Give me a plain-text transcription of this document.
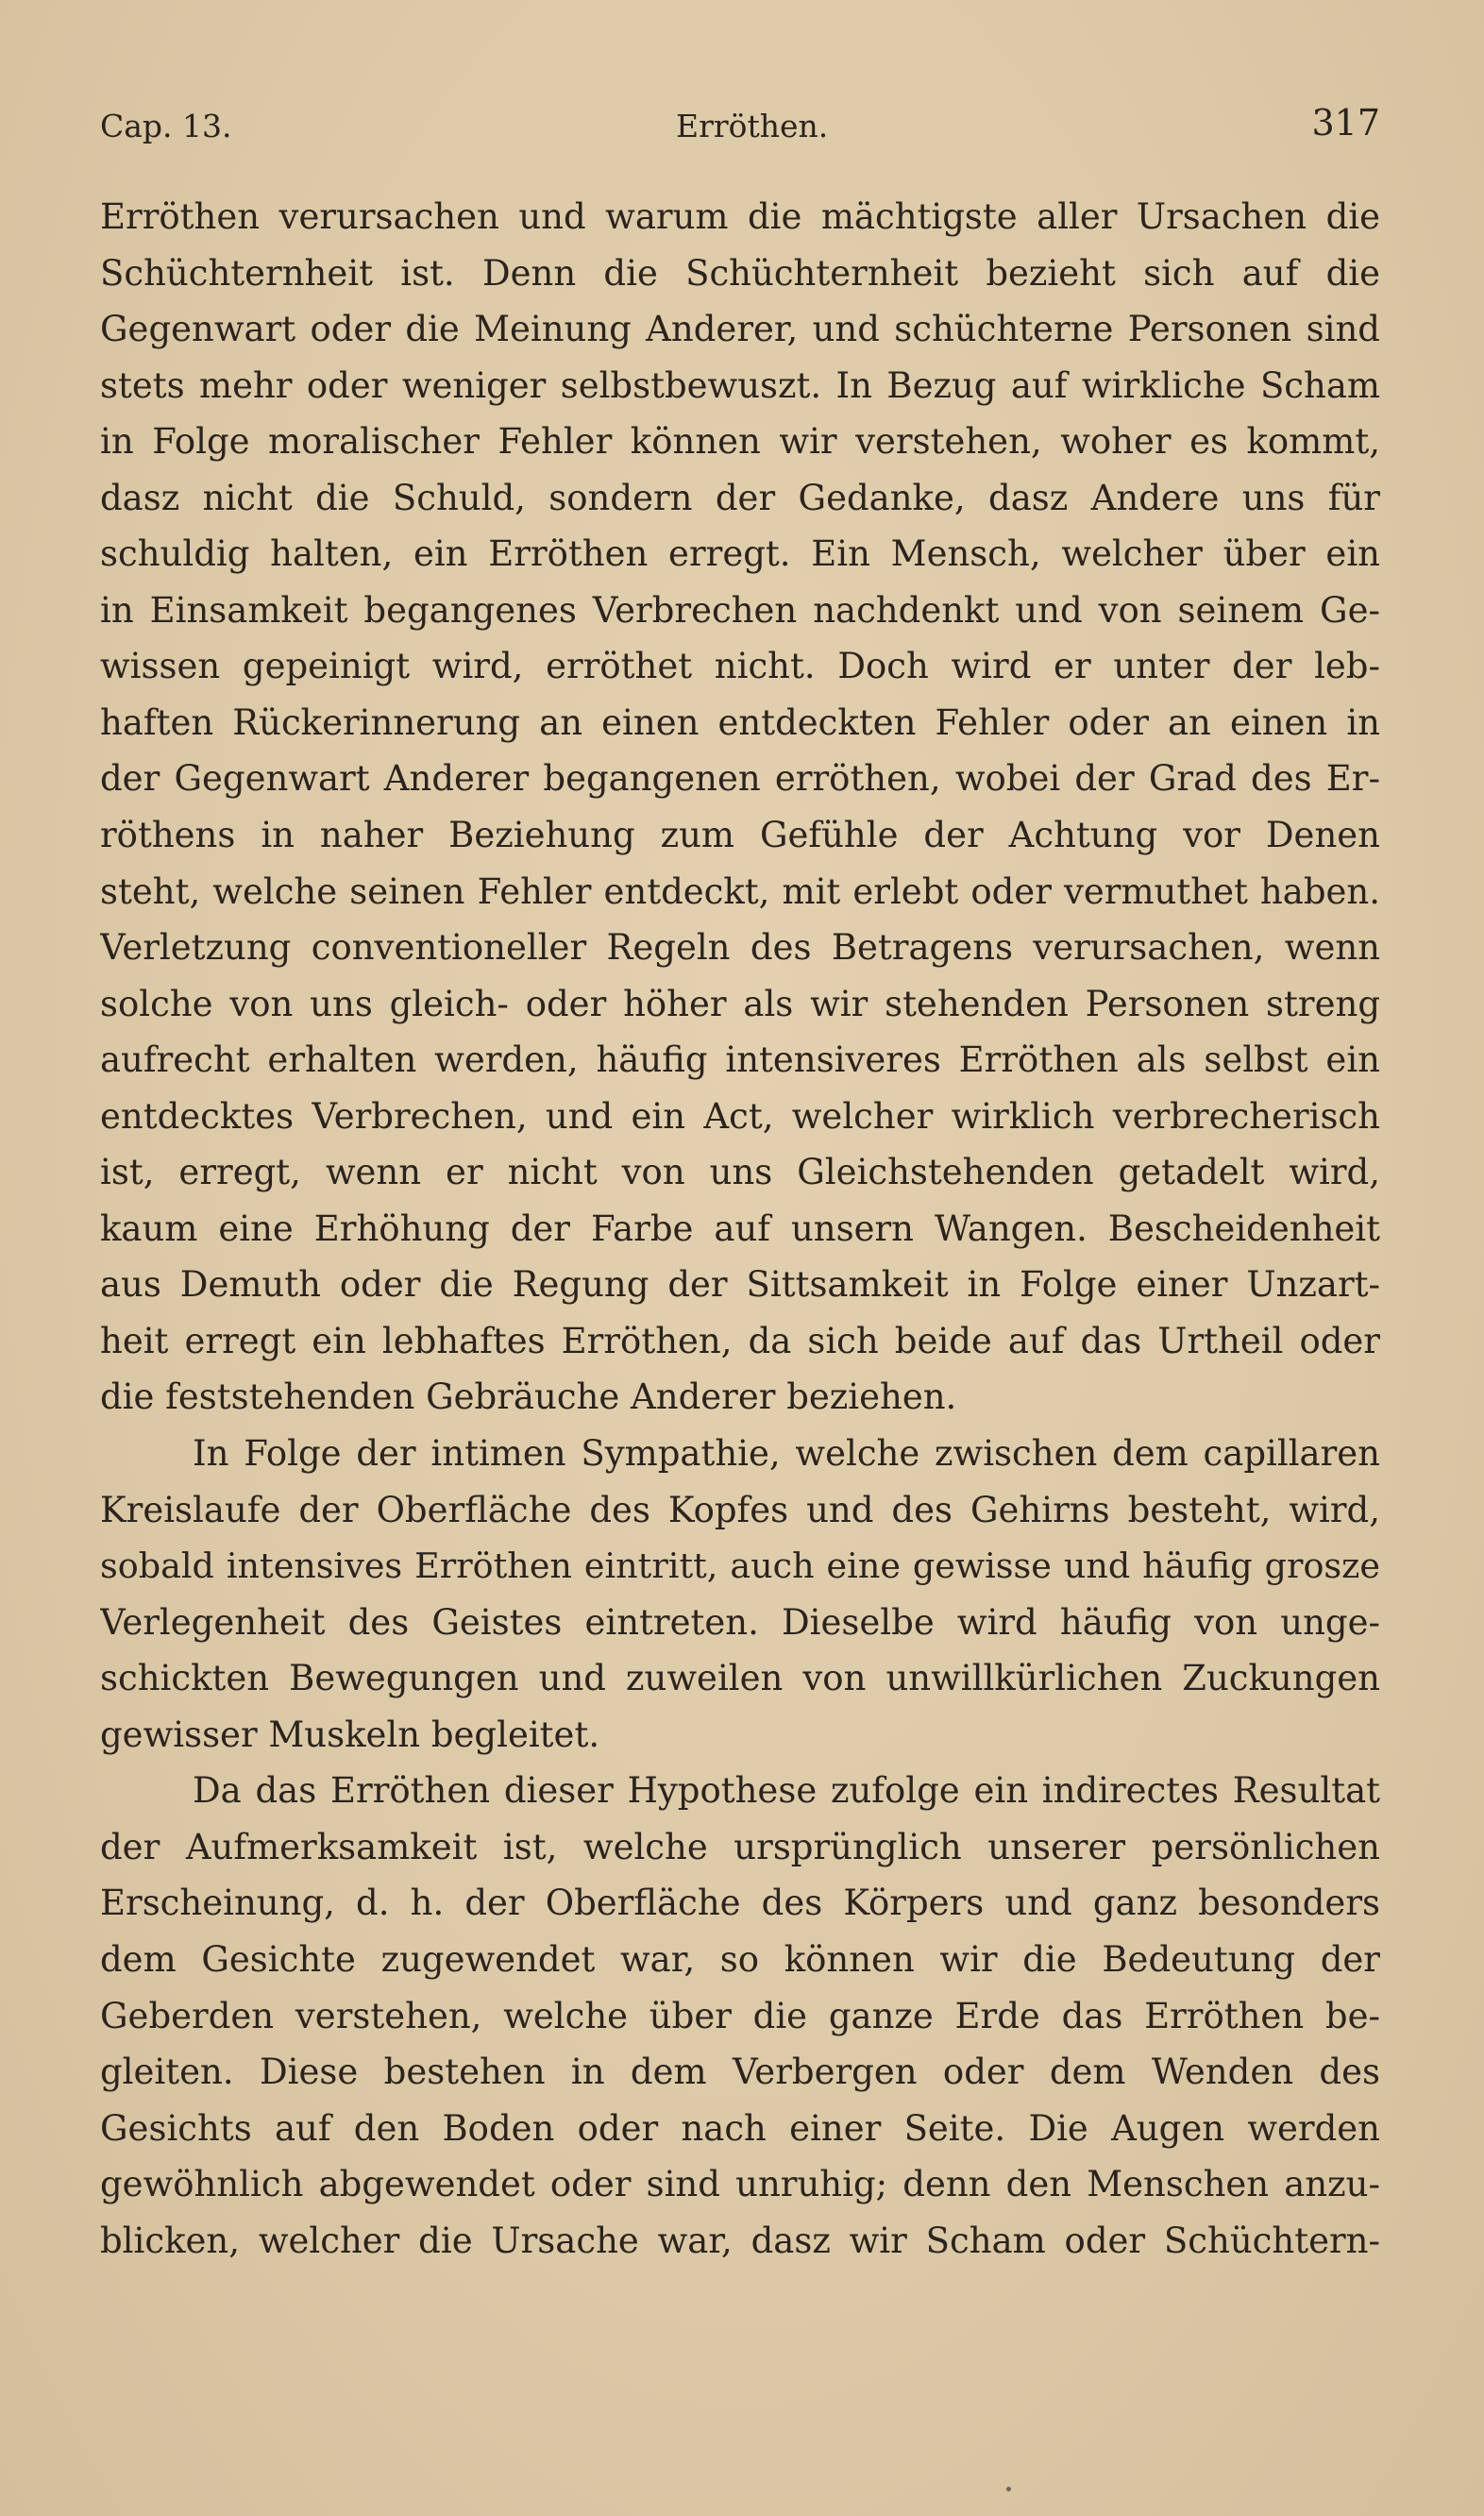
Cap. 13.	Erröthen.	317
Erröthen verursachen und warum die mächtigste aller Ursachen die
Schüchternheit ist. Denn die Schüchternheit bezieht sich auf die
Gegenwart oder die Meinung Anderer, und schüchterne Personen sind
stets mehr oder weniger selbstbewuszt. In Bezug auf wirkliche Scham
in Folge moralischer Fehler können wir verstehen, woher es kommt,
dasz nicht die Schuld, sondern der Gedanke, dasz Andere uns für
schuldig halten, ein Erröthen erregt. Ein Mensch, welcher über ein
in Einsamkeit begangenes Verbrechen nachdenkt und von seinem Ge-
wissen gepeinigt wird, erröthet nicht. Doch wird er unter der leb-
haften Rückerinnerung an einen entdeckten Fehler oder an einen in
der Gegenwart Anderer begangenen erröthen, wobei der Grad des Er-
röthens in naher Beziehung zum Gefühle der Achtung vor Denen
steht, welche seinen Fehler entdeckt, mit erlebt oder vermuthet haben.
Verletzung conventioneller Regeln des Betragens verursachen, wenn
solche von uns gleich- oder höher als wir stehenden Personen streng
aufrecht erhalten werden, häufig intensiveres Erröthen als selbst ein
entdecktes Verbrechen, und ein Act, welcher wirklich verbrecherisch
ist, erregt, wenn er nicht von uns Gleichstehenden getadelt wird,
kaum eine Erhöhung der Farbe auf unsern Wangen. Bescheidenheit
aus Demuth oder die Regung der Sittsamkeit in Folge einer Unzart-
heit erregt ein lebhaftes Erröthen, da sich beide auf das Urtheil oder
die feststehenden Gebräuche Anderer beziehen.
In Folge der intimen Sympathie, welche zwischen dem capillaren
Kreislaufe der Oberfläche des Kopfes und des Gehirns besteht, wird,
sobald intensives Erröthen eintritt, auch eine gewisse und häufig grosze
Verlegenheit des Geistes eintreten. Dieselbe wird häufig von unge-
schickten Bewegungen und zuweilen von unwillkürlichen Zuckungen
gewisser Muskeln begleitet.
Da das Erröthen dieser Hypothese zufolge ein indirectes Resultat
der Aufmerksamkeit ist, welche ursprünglich unserer persönlichen
Erscheinung, d. h. der Oberfläche des Körpers und ganz besonders
dem Gesichte zugewendet war, so können wir die Bedeutung der
Geberden verstehen, welche über die ganze Erde das Erröthen be-
gleiten. Diese bestehen in dem Verbergen oder dem Wenden des
Gesichts auf den Boden oder nach einer Seite. Die Augen werden
gewöhnlich abgewendet oder sind unruhig; denn den Menschen anzu-
blicken, welcher die Ursache war, dasz wir Scham oder Schüchtern-
